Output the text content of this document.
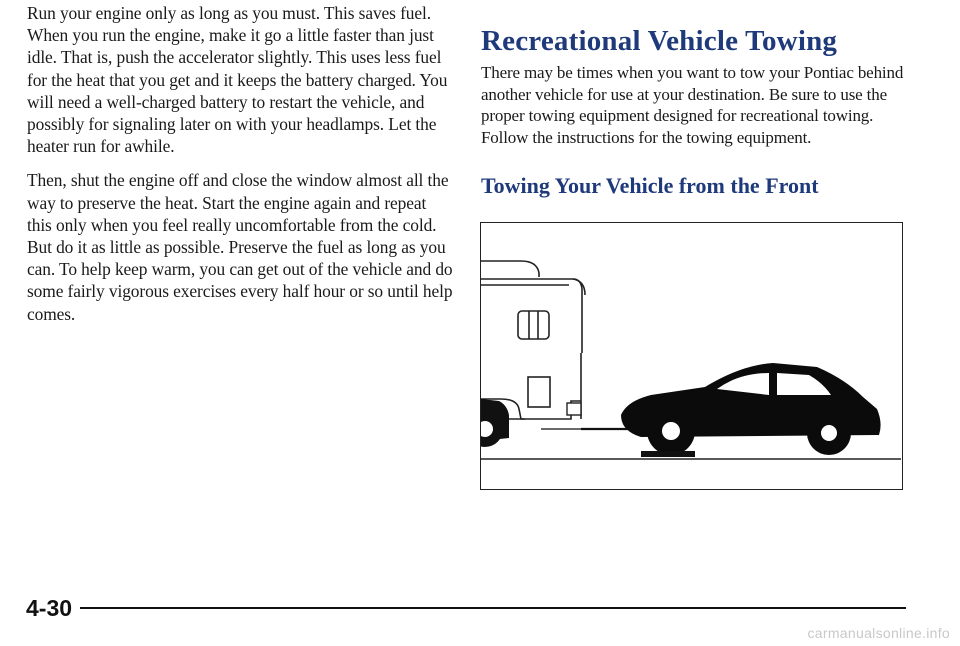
Run your engine only as long as you must. This saves fuel. When you run the engine, make it go a little faster than just idle. That is, push the accelerator slightly. This uses less fuel for the heat that you get and it keeps the battery charged. You will need a well-charged battery to restart the vehicle, and possibly for signaling later on with your headlamps. Let the heater run for awhile.

Then, shut the engine off and close the window almost all the way to preserve the heat. Start the engine again and repeat this only when you feel really uncomfortable from the cold. But do it as little as possible. Preserve the fuel as long as you can. To help keep warm, you can get out of the vehicle and do some fairly vigorous exercises every half hour or so until help comes.

Recreational Vehicle Towing

There may be times when you want to tow your Pontiac behind another vehicle for use at your destination. Be sure to use the proper towing equipment designed for recreational towing. Follow the instructions for the towing equipment.

Towing Your Vehicle from the Front
4-30
carmanualsonline.info
